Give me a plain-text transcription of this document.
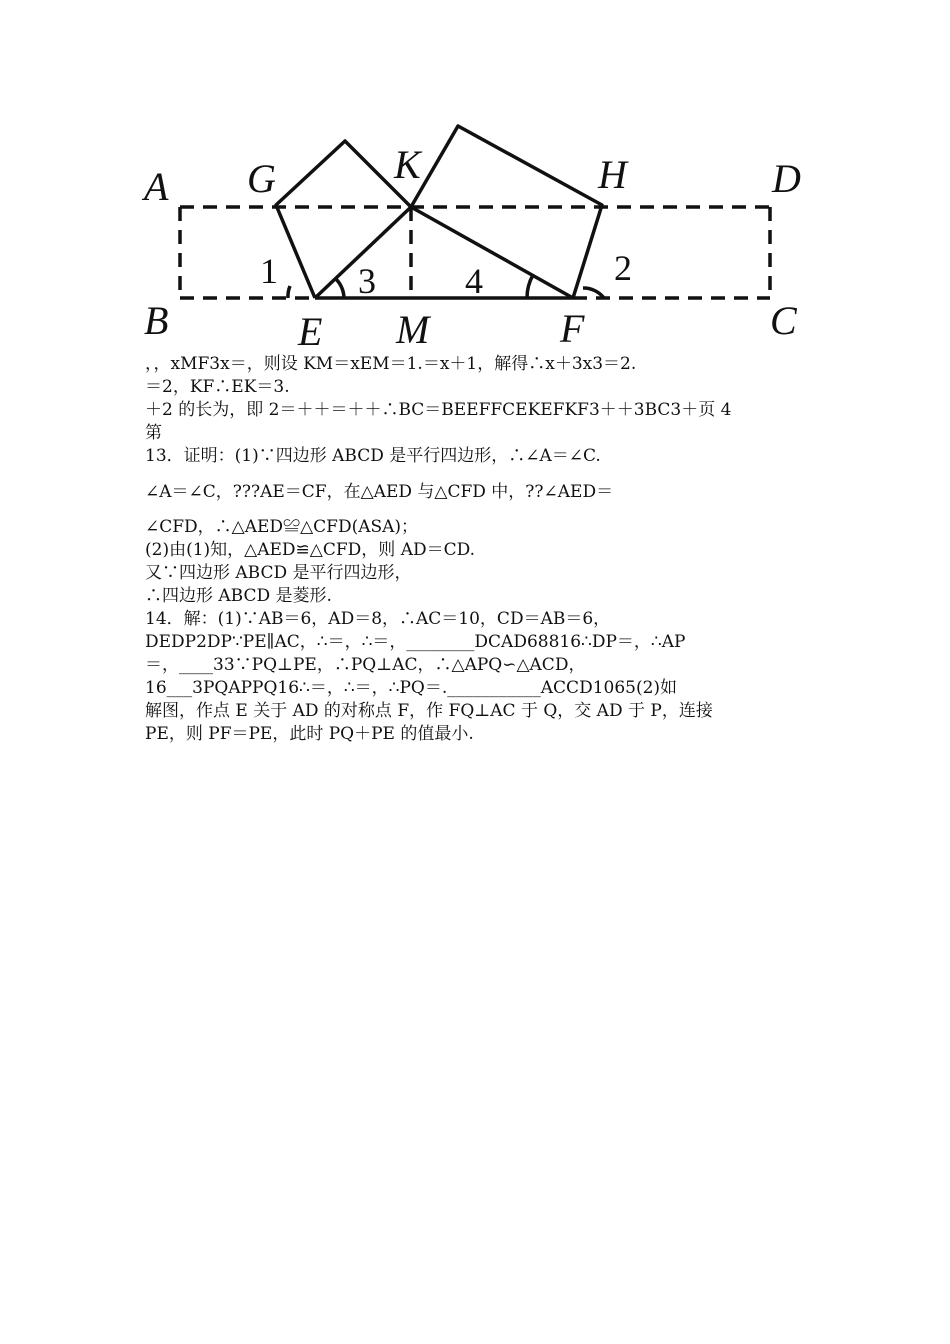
A G	K	H	D
B	E M	F	C
1 3 4	2
，，xMF3x＝，则设 KM＝xEM＝1.＝x＋1，解得∴x＋3x3＝2.
＝2，KF∴EK＝3.
＋2 的长为，即 2＝＋＋＝＋＋∴BC＝BEEFFCEKEFKF3＋＋3BC3＋页 4
第
13．证明：(1)∵四边形 ABCD 是平行四边形，∴∠A＝∠C.
∠A＝∠C，???AE＝CF，在△AED 与△CFD 中，??∠AED＝
∠CFD，∴△AED≌△CFD(ASA)；
(2)由(1)知，△AED≌△CFD，则 AD＝CD.
又∵四边形 ABCD 是平行四边形，
∴四边形 ABCD 是菱形.
14．解：(1)∵AB＝6，AD＝8，∴AC＝10，CD＝AB＝6，
DEDP2DP∵PE∥AC，∴＝，∴＝，________DCAD68816∴DP＝，∴AP
＝，____33∵PQ⊥PE，∴PQ⊥AC，∴△APQ∽△ACD，
16___3PQAPPQ16∴＝，∴＝，∴PQ＝.___________ACCD1065(2)如
解图，作点 E 关于 AD 的对称点 F，作 FQ⊥AC 于 Q，交 AD 于 P，连接
PE，则 PF＝PE，此时 PQ＋PE 的值最小.
